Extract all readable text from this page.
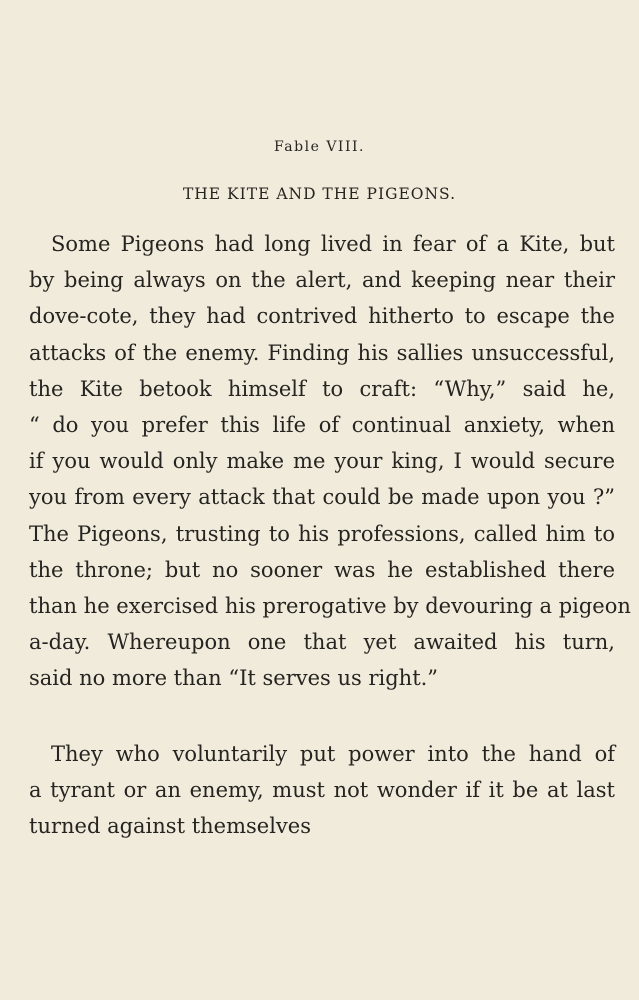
Fable VIII.
THE KITE AND THE PIGEONS.
Some Pigeons had long lived in fear of a Kite, but
by being always on the alert, and keeping near their
dove-cote, they had contrived hitherto to escape the
attacks of the enemy. Finding his sallies unsuccessful,
the Kite betook himself to craft: “Why,” said he,
“ do you prefer this life of continual anxiety, when
if you would only make me your king, I would secure
you from every attack that could be made upon you ?”
The Pigeons, trusting to his professions, called him to
the throne; but no sooner was he established there
than he exercised his prerogative by devouring a pigeon
a-day. Whereupon one that yet awaited his turn,
said no more than “It serves us right.”
They who voluntarily put power into the hand of
a tyrant or an enemy, must not wonder if it be at last
turned against themselves
